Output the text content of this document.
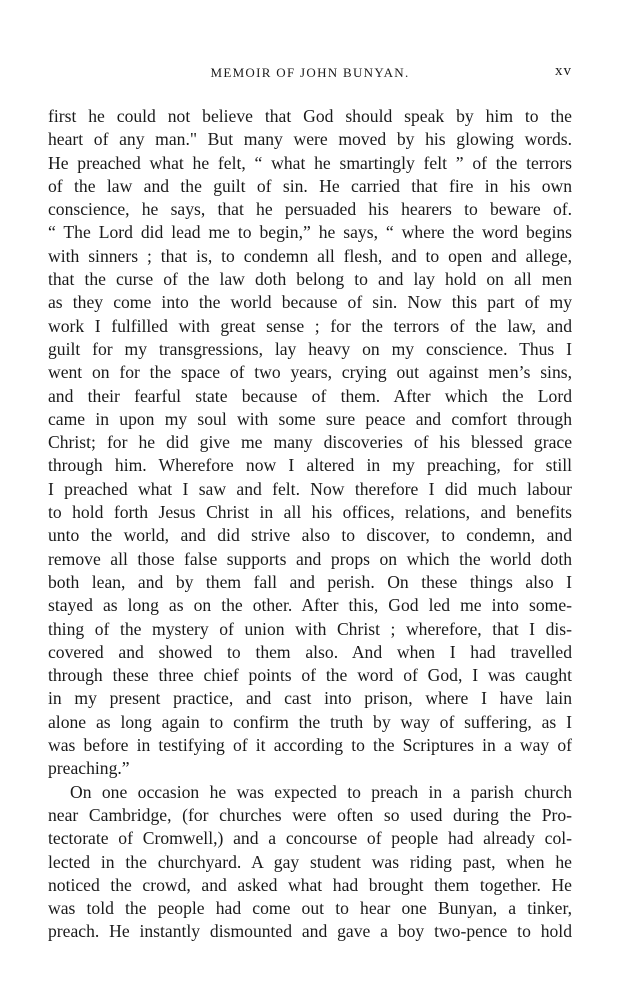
MEMOIR OF JOHN BUNYAN.	xv
first he could not believe that God should speak by him to the
heart of any man." But many were moved by his glowing words.
He preached what he felt, “ what he smartingly felt ” of the terrors
of the law and the guilt of sin. He carried that fire in his own
conscience, he says, that he persuaded his hearers to beware of.
“ The Lord did lead me to begin,” he says, “ where the word begins
with sinners ; that is, to condemn all flesh, and to open and allege,
that the curse of the law doth belong to and lay hold on all men
as they come into the world because of sin. Now this part of my
work I fulfilled with great sense ; for the terrors of the law, and
guilt for my transgressions, lay heavy on my conscience. Thus I
went on for the space of two years, crying out against men’s sins,
and their fearful state because of them. After which the Lord
came in upon my soul with some sure peace and comfort through
Christ; for he did give me many discoveries of his blessed grace
through him. Wherefore now I altered in my preaching, for still
I preached what I saw and felt. Now therefore I did much labour
to hold forth Jesus Christ in all his offices, relations, and benefits
unto the world, and did strive also to discover, to condemn, and
remove all those false supports and props on which the world doth
both lean, and by them fall and perish. On these things also I
stayed as long as on the other. After this, God led me into some-
thing of the mystery of union with Christ ; wherefore, that I dis-
covered and showed to them also. And when I had travelled
through these three chief points of the word of God, I was caught
in my present practice, and cast into prison, where I have lain
alone as long again to confirm the truth by way of suffering, as I
was before in testifying of it according to the Scriptures in a way of
preaching.”
On one occasion he was expected to preach in a parish church
near Cambridge, (for churches were often so used during the Pro-
tectorate of Cromwell,) and a concourse of people had already col-
lected in the churchyard. A gay student was riding past, when he
noticed the crowd, and asked what had brought them together. He
was told the people had come out to hear one Bunyan, a tinker,
preach. He instantly dismounted and gave a boy two-pence to hold
